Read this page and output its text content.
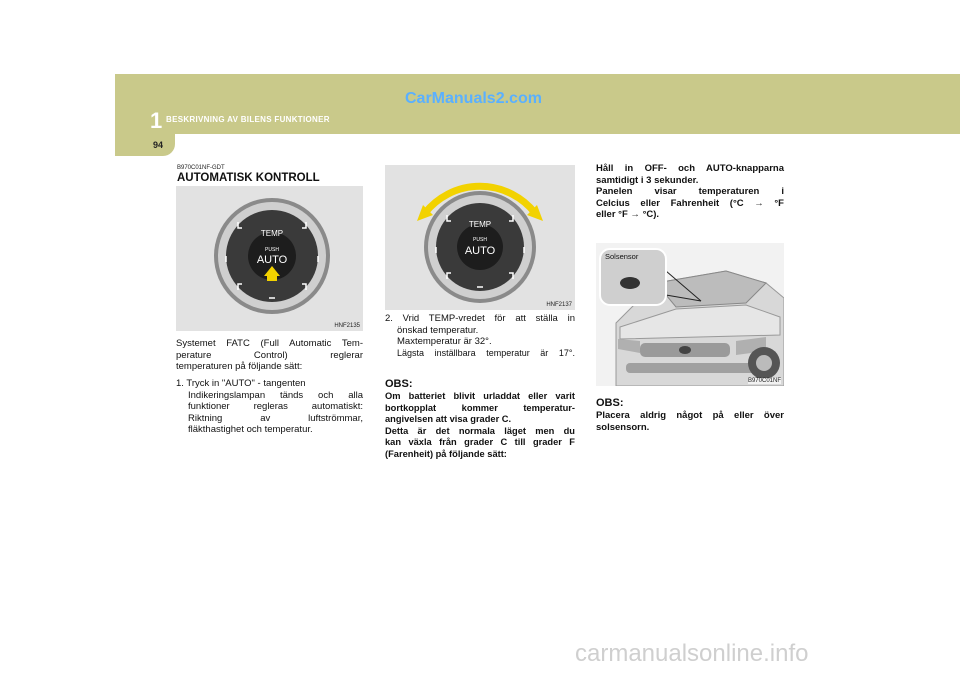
1 BESKRIVNING AV BILENS FUNKTIONER
CarManuals2.com
94
B970C01NF-GDT
AUTOMATISK KONTROLL
TEMP
PUSH
AUTO
HNF2135
Systemet FATC (Full Automatic Tem-
perature Control) reglerar
temperaturen på följande sätt:
1. Tryck in "AUTO" - tangenten
Indikeringslampan tänds och alla
funktioner regleras automatiskt:
Riktning av luftströmmar,
fläkthastighet och temperatur.
TEMP
PUSH
AUTO
HNF2137
2. Vrid TEMP-vredet för att ställa in
önskad temperatur.
Maxtemperatur är 32°.
Lägsta inställbara temperatur är 17°.
OBS:
Om batteriet blivit urladdat eller varit
bortkopplat kommer temperatur-
angivelsen att visa grader C.
Detta är det normala läget men du
kan växla från grader C till grader F
(Farenheit) på följande sätt:
Håll in OFF- och AUTO-knapparna
samtidigt i 3 sekunder.
Panelen visar temperaturen i
Celcius eller Fahrenheit (°C → °F
eller °F → °C).
Solsensor
B970C01NF
OBS:
Placera aldrig något på eller över
solsensorn.
carmanualsonline.info
